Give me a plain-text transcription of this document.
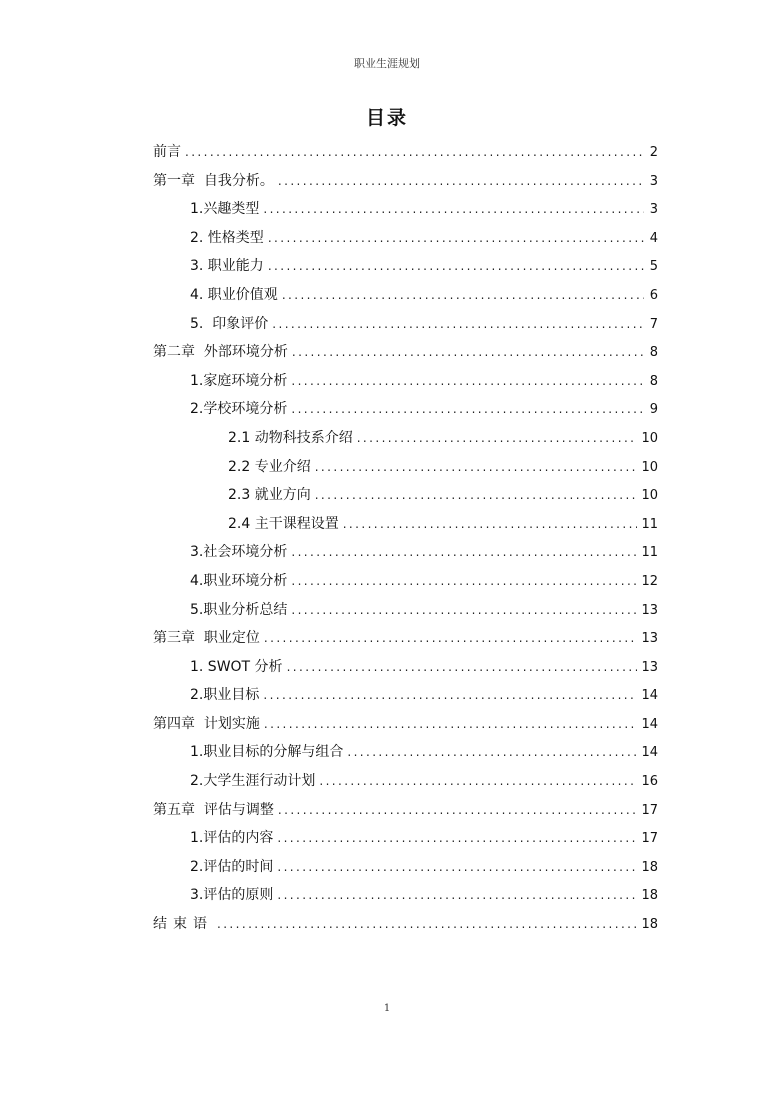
职业生涯规划
目录
前言 .....	2
第一章  自我分析。 .....	3
1.兴趣类型 .....	3
2. 性格类型 .....	4
3. 职业能力 .....	5
4. 职业价值观 .....	6
5.  印象评价 .....	7
第二章  外部环境分析 .....	8
1.家庭环境分析 .....	8
2.学校环境分析 .....	9
2.1 动物科技系介绍 .....	10
2.2 专业介绍 .....	10
2.3 就业方向 .....	10
2.4 主干课程设置 .....	11
3.社会环境分析 .....	11
4.职业环境分析 .....	12
5.职业分析总结 .....	13
第三章  职业定位 .....	13
1. SWOT 分析 .....	13
2.职业目标 .....	14
第四章  计划实施 .....	14
1.职业目标的分解与组合 .....	14
2.大学生涯行动计划 .....	16
第五章  评估与调整 .....	17
1.评估的内容 .....	17
2.评估的时间 .....	18
3.评估的原则 .....	18
结束语 .....	18
1
